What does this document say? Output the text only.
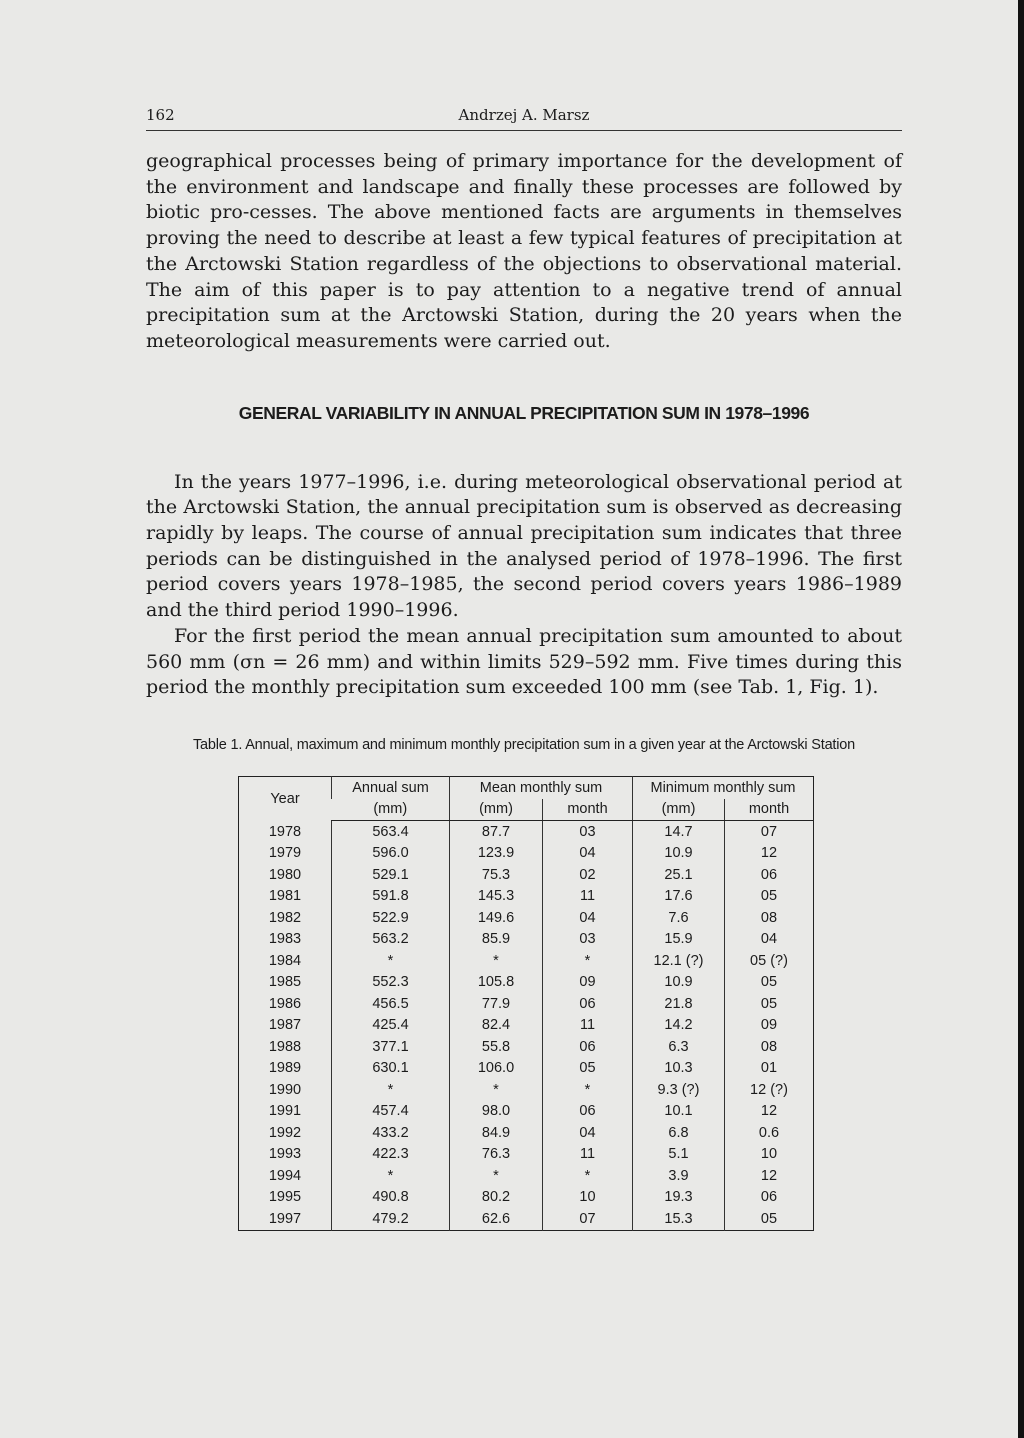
162	Andrzej A. Marsz

geographical processes being of primary importance for the development of the environment and landscape and finally these processes are followed by biotic pro-cesses. The above mentioned facts are arguments in themselves proving the need to describe at least a few typical features of precipitation at the Arctowski Station regardless of the objections to observational material. The aim of this paper is to pay attention to a negative trend of annual precipitation sum at the Arctowski Station, during the 20 years when the meteorological measurements were carried out.

GENERAL VARIABILITY IN ANNUAL PRECIPITATION SUM IN 1978–1996

In the years 1977–1996, i.e. during meteorological observational period at the Arctowski Station, the annual precipitation sum is observed as decreasing rapidly by leaps. The course of annual precipitation sum indicates that three periods can be distinguished in the analysed period of 1978–1996. The first period covers years 1978–1985, the second period covers years 1986–1989 and the third period 1990–1996.

For the first period the mean annual precipitation sum amounted to about 560 mm (σn = 26 mm) and within limits 529–592 mm. Five times during this period the monthly precipitation sum exceeded 100 mm (see Tab. 1, Fig. 1).

Table 1. Annual, maximum and minimum monthly precipitation sum in a given year at the Arctowski Station
Year	Annual sum	Mean monthly sum		Minimum monthly sum	
	(mm)	(mm)	month	(mm)	month
1978	563.4	87.7	03	14.7	07
1979	596.0	123.9	04	10.9	12
1980	529.1	75.3	02	25.1	06
1981	591.8	145.3	11	17.6	05
1982	522.9	149.6	04	7.6	08
1983	563.2	85.9	03	15.9	04
1984	*	*	*	12.1 (?)	05 (?)
1985	552.3	105.8	09	10.9	05
1986	456.5	77.9	06	21.8	05
1987	425.4	82.4	11	14.2	09
1988	377.1	55.8	06	6.3	08
1989	630.1	106.0	05	10.3	01
1990	*	*	*	9.3 (?)	12 (?)
1991	457.4	98.0	06	10.1	12
1992	433.2	84.9	04	6.8	0.6
1993	422.3	76.3	11	5.1	10
1994	*	*	*	3.9	12
1995	490.8	80.2	10	19.3	06
1997	479.2	62.6	07	15.3	05
